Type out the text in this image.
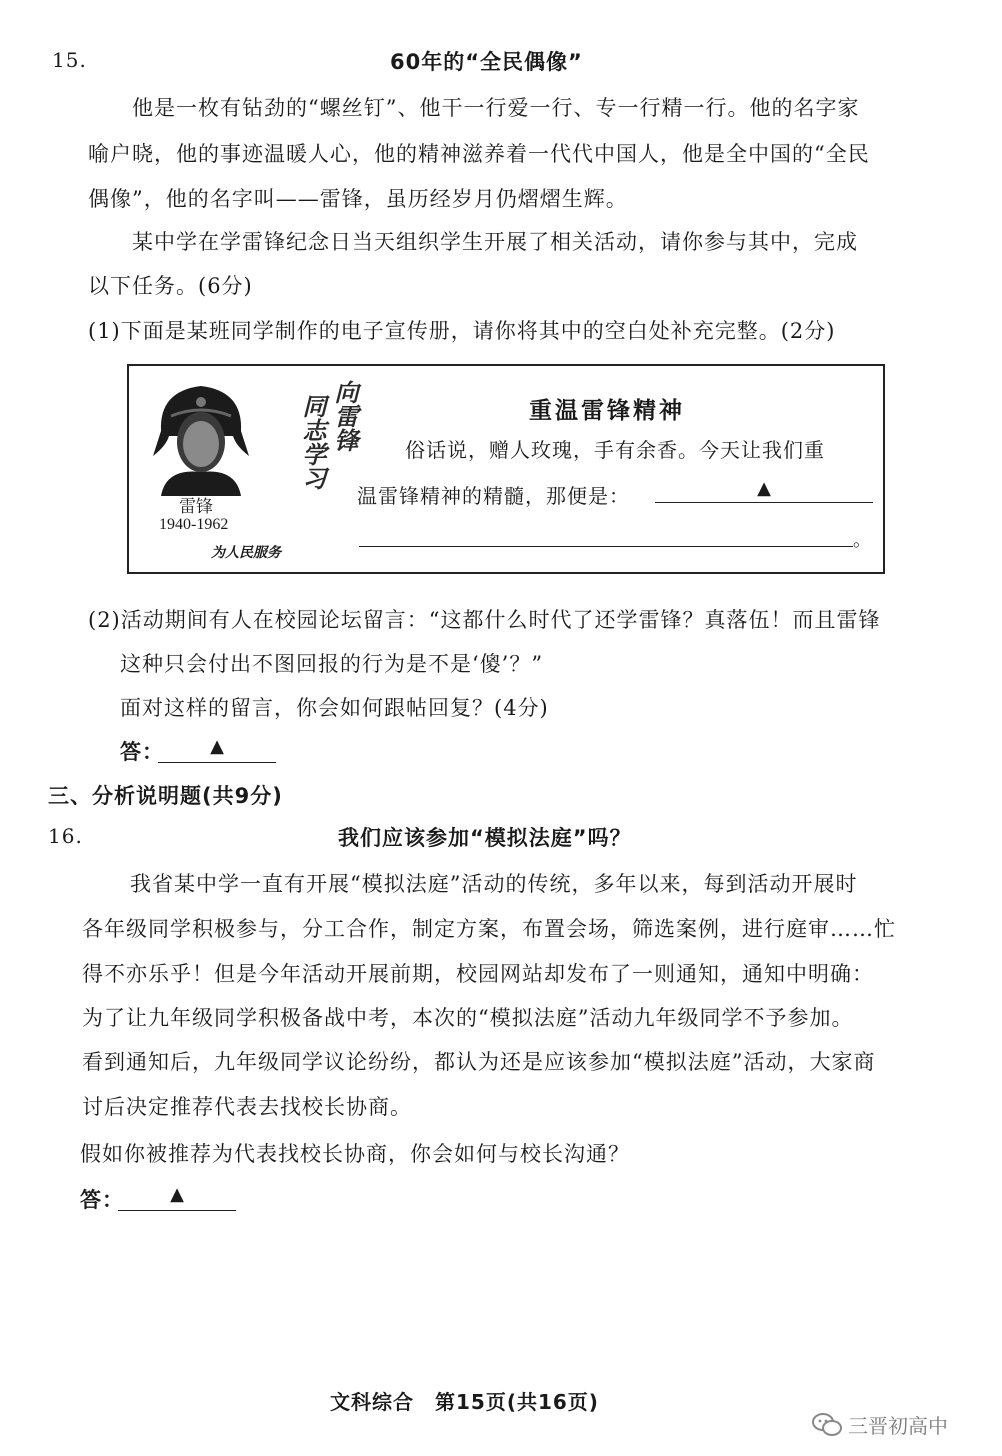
15.	60年的“全民偶像”
他是一枚有钻劲的“螺丝钉”、他干一行爱一行、专一行精一行。他的名字家
喻户晓，他的事迹温暖人心，他的精神滋养着一代代中国人，他是全中国的“全民
偶像”，他的名字叫——雷锋，虽历经岁月仍熠熠生辉。
某中学在学雷锋纪念日当天组织学生开展了相关活动，请你参与其中，完成
以下任务。(6分)
(1)下面是某班同学制作的电子宣传册，请你将其中的空白处补充完整。(2分)
雷锋
1940-1962
为人民服务
向雷锋
同志学习	重温雷锋精神
俗话说，赠人玫瑰，手有余香。今天让我们重
温雷锋精神的精髓，那便是：	▲
。
(2)活动期间有人在校园论坛留言：“这都什么时代了还学雷锋？真落伍！而且雷锋
这种只会付出不图回报的行为是不是‘傻’？”
面对这样的留言，你会如何跟帖回复？(4分)
答：	▲
三、分析说明题(共9分)
16.	我们应该参加“模拟法庭”吗？
我省某中学一直有开展“模拟法庭”活动的传统，多年以来，每到活动开展时
各年级同学积极参与，分工合作，制定方案，布置会场，筛选案例，进行庭审……忙
得不亦乐乎！但是今年活动开展前期，校园网站却发布了一则通知，通知中明确：
为了让九年级同学积极备战中考，本次的“模拟法庭”活动九年级同学不予参加。
看到通知后，九年级同学议论纷纷，都认为还是应该参加“模拟法庭”活动，大家商
讨后决定推荐代表去找校长协商。
假如你被推荐为代表找校长协商，你会如何与校长沟通？
答：	▲
文科综合　第15页(共16页)
三晋初高中
